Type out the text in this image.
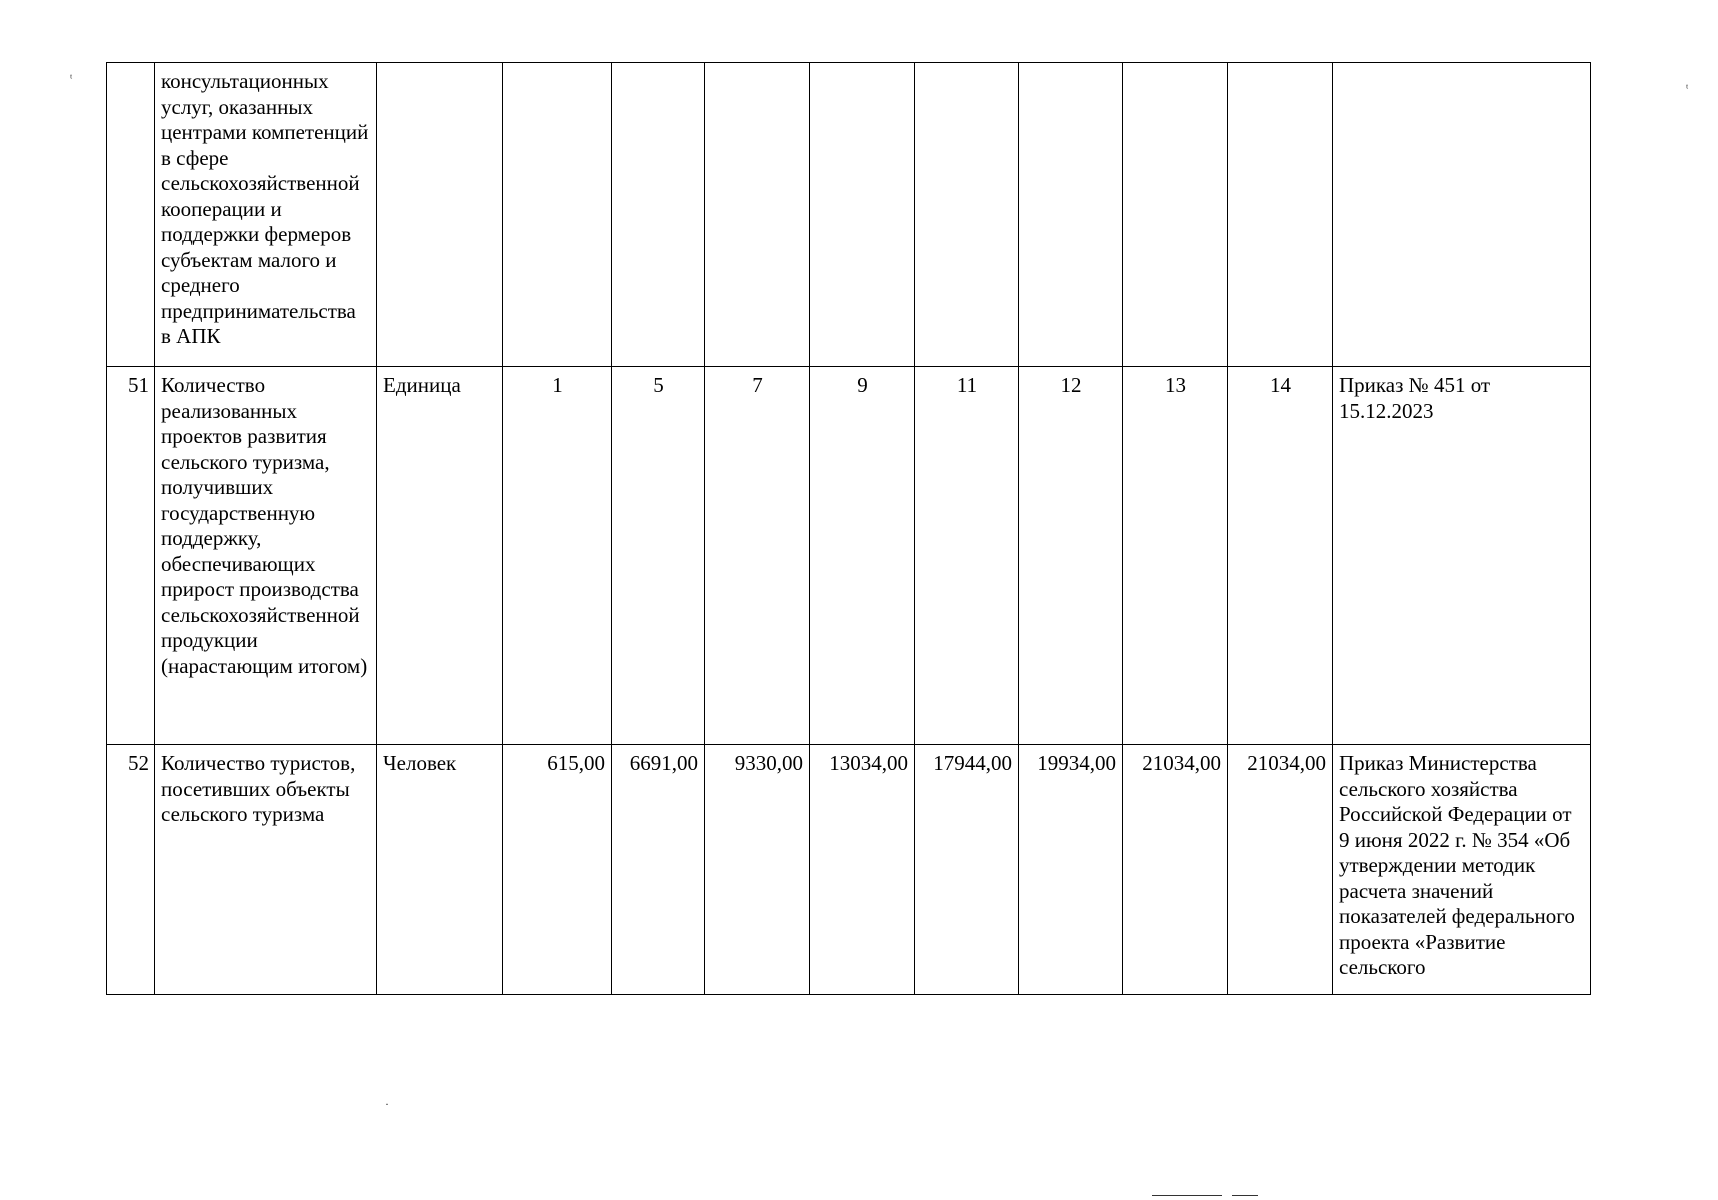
	консультационных услуг, оказанных центрами компетенций в сфере сельскохозяйственной кооперации и поддержки фермеров субъектам малого и среднего предпринимательства в АПК										
51	Количество реализованных проектов развития сельского туризма, получивших государственную поддержку, обеспечивающих прирост производства сельскохозяйственной продукции (нарастающим итогом)	Единица	1	5	7	9	11	12	13	14	Приказ № 451 от 15.12.2023
52	Количество туристов, посетивших объекты сельского туризма	Человек	615,00	6691,00	9330,00	13034,00	17944,00	19934,00	21034,00	21034,00	Приказ Министерства сельского хозяйства Российской Федерации от 9 июня 2022 г. № 354 «Об утверждении методик расчета значений показателей федерального проекта «Развитие сельского
ᵗ
ᵗ
·
